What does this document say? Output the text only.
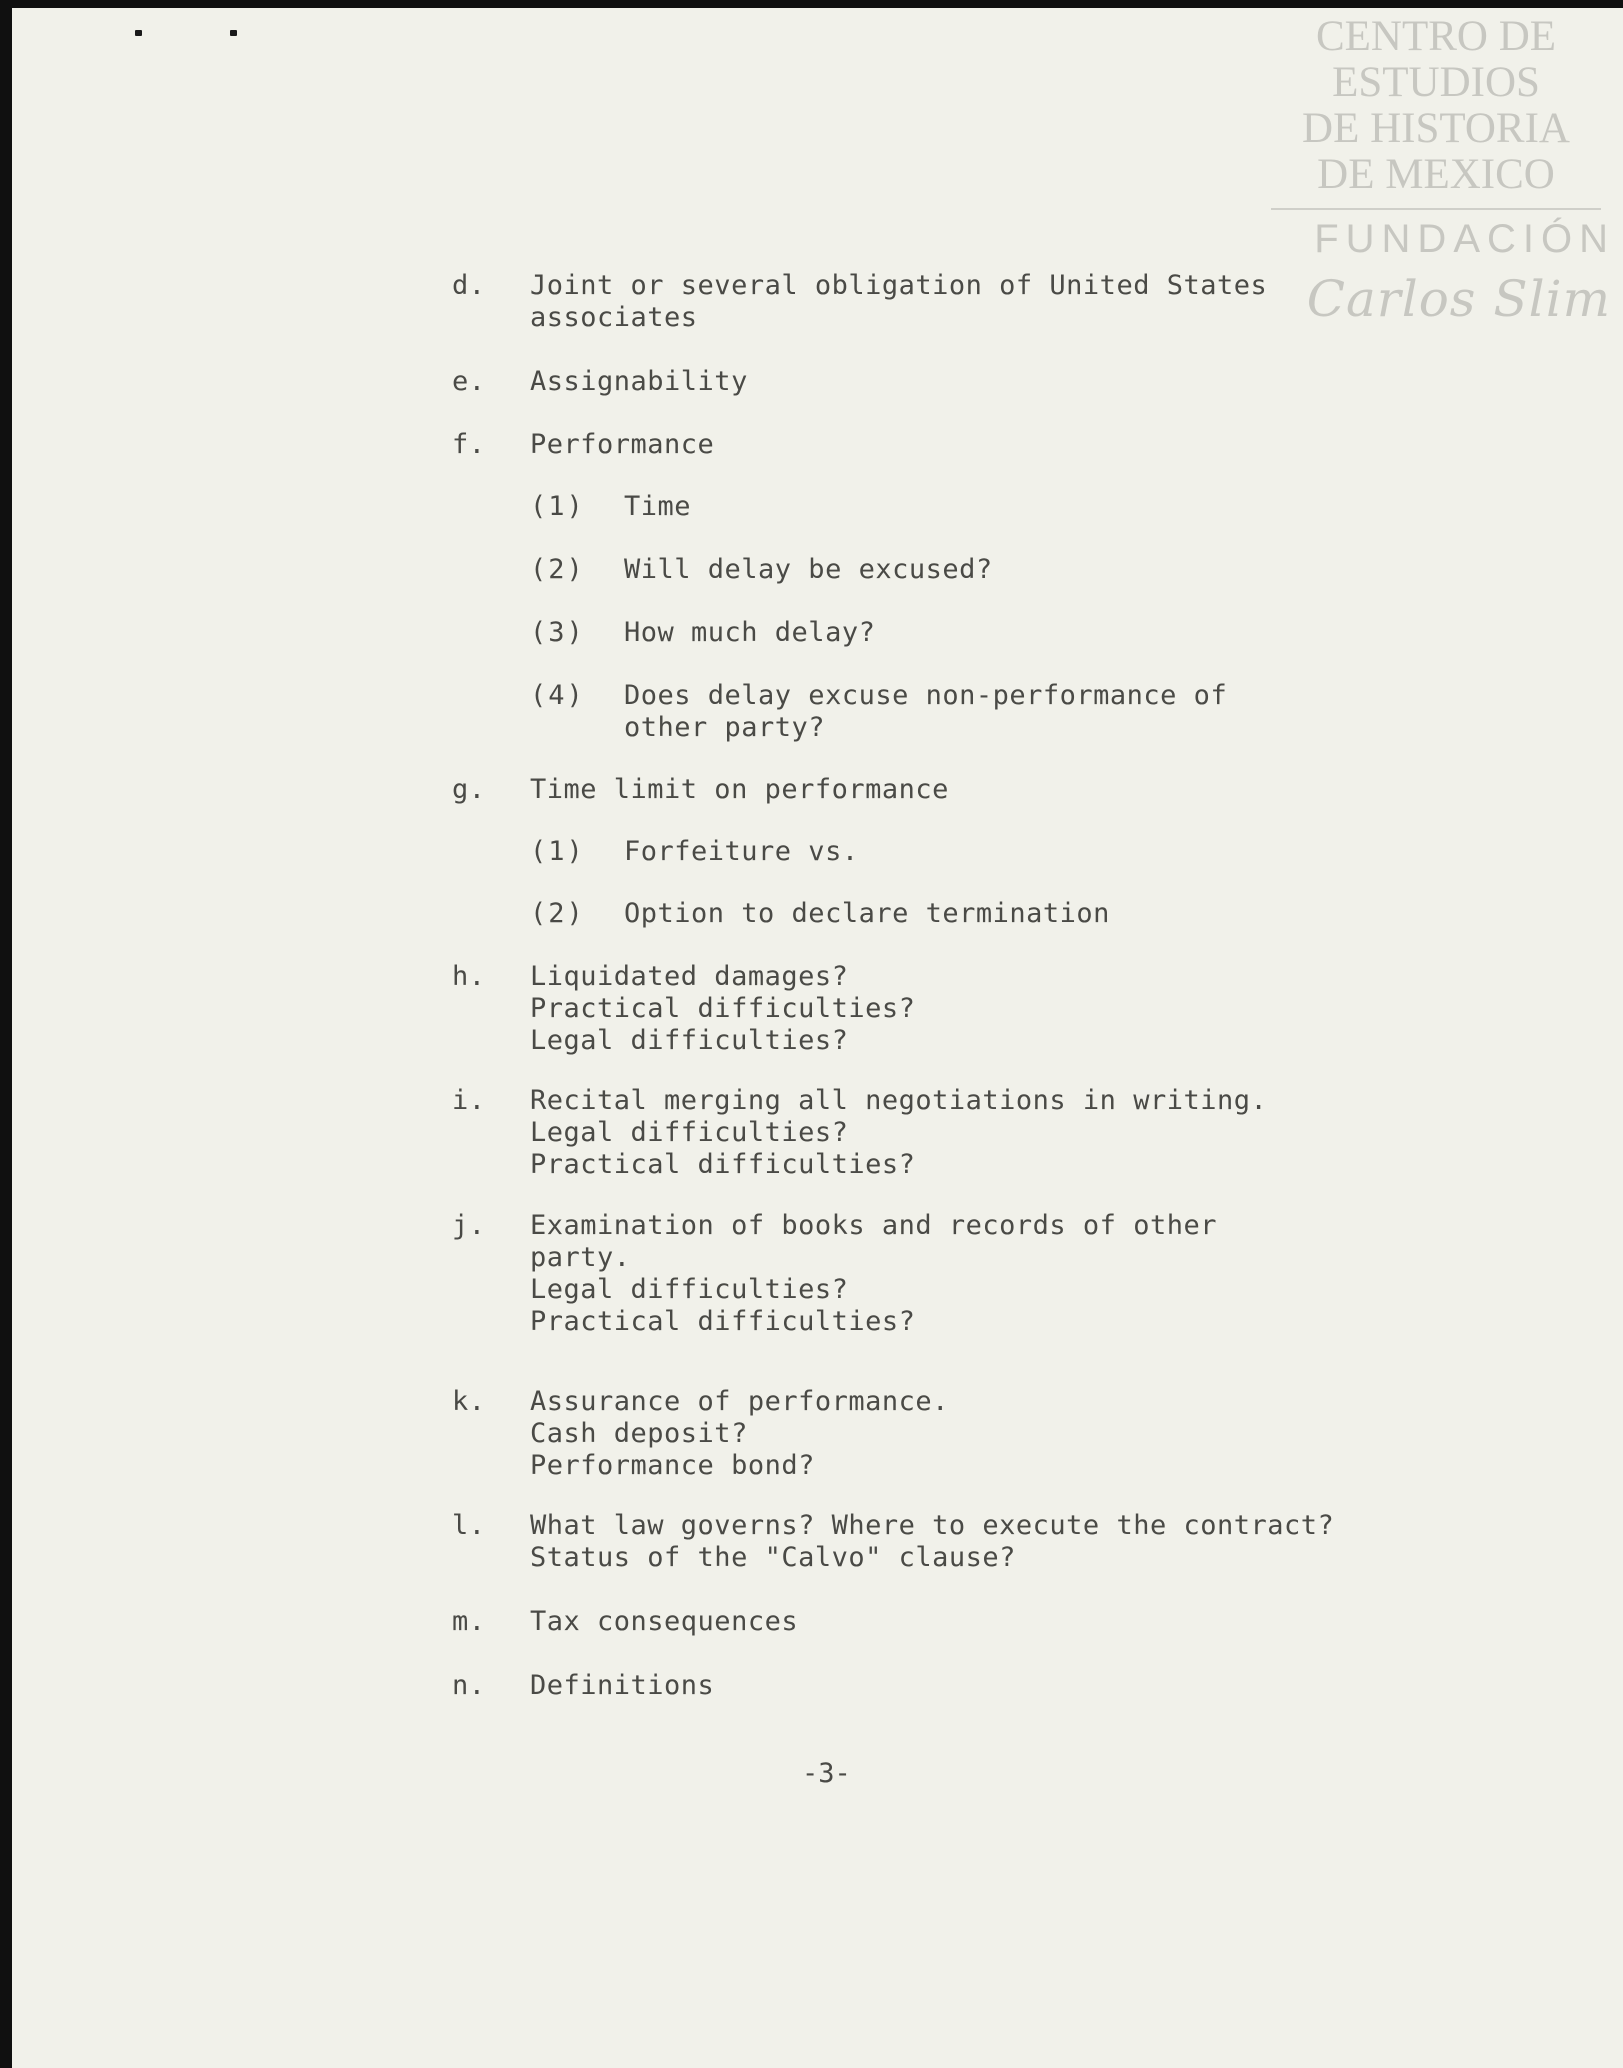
CENTRO DE
ESTUDIOS
DE HISTORIA
DE MEXICO
FUNDACIÓN
Carlos Slim
d.	Joint or several obligation of United States
associates
e.	Assignability
f.	Performance
(1)	Time
(2)	Will delay be excused?
(3)	How much delay?
(4)	Does delay excuse non-performance of
other party?
g.	Time limit on performance
(1)	Forfeiture vs.
(2)	Option to declare termination
h.	Liquidated damages?
Practical difficulties?
Legal difficulties?
i.	Recital merging all negotiations in writing.
Legal difficulties?
Practical difficulties?
j.	Examination of books and records of other
party.
Legal difficulties?
Practical difficulties?
k.	Assurance of performance.
Cash deposit?
Performance bond?
l.	What law governs? Where to execute the contract?
Status of the "Calvo" clause?
m.	Tax consequences
n.	Definitions
-3-
